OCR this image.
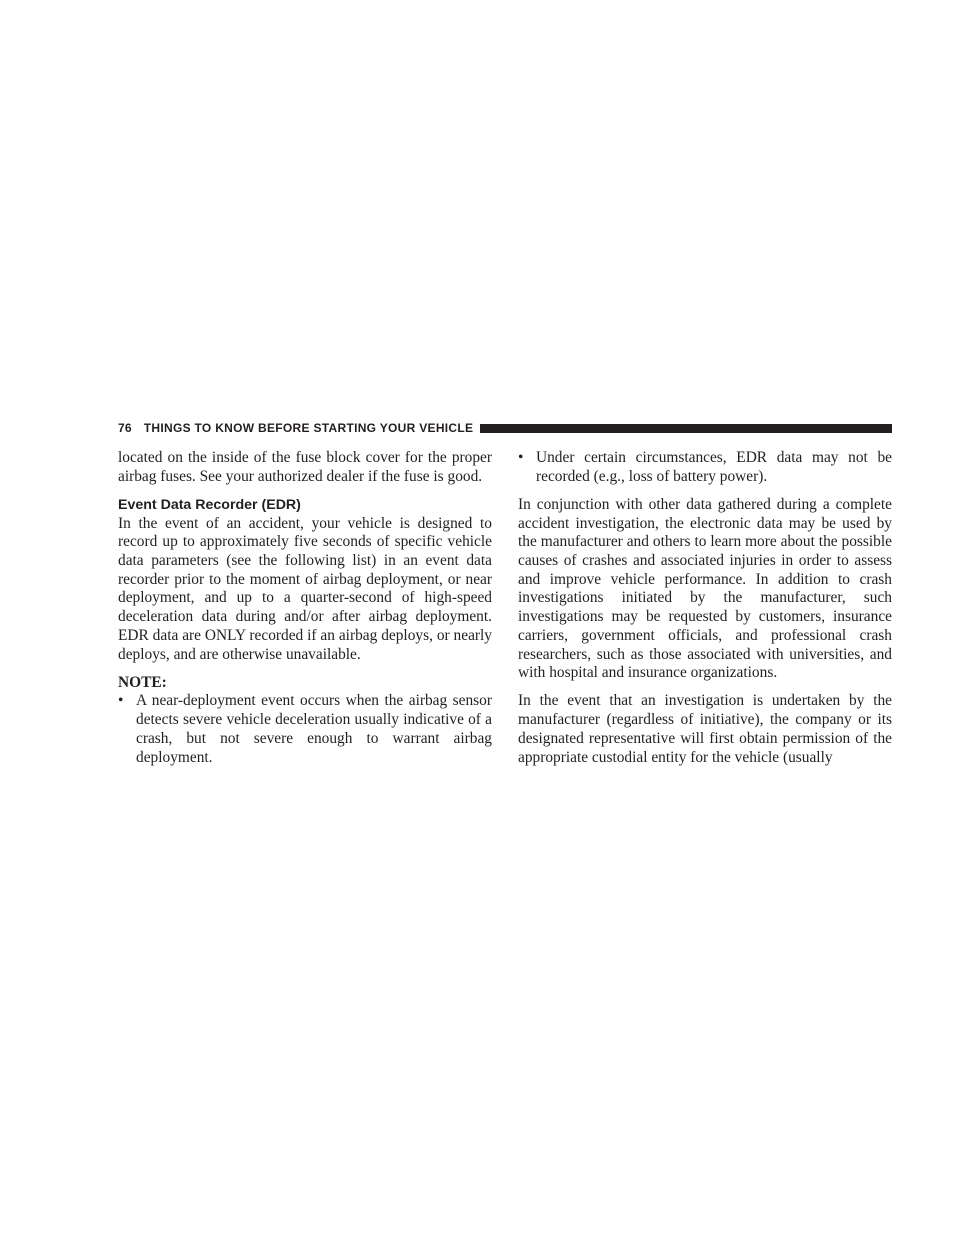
76 THINGS TO KNOW BEFORE STARTING YOUR VEHICLE

located on the inside of the fuse block cover for the proper airbag fuses. See your authorized dealer if the fuse is good.

Event Data Recorder (EDR)

In the event of an accident, your vehicle is designed to record up to approximately five seconds of specific vehicle data parameters (see the following list) in an event data recorder prior to the moment of airbag deployment, or near deployment, and up to a quarter-second of high-speed deceleration data during and/or after airbag deployment. EDR data are ONLY recorded if an airbag deploys, or nearly deploys, and are otherwise unavailable.

NOTE:
• A near-deployment event occurs when the airbag sensor detects severe vehicle deceleration usually indicative of a crash, but not severe enough to warrant airbag deployment.
• Under certain circumstances, EDR data may not be recorded (e.g., loss of battery power).

In conjunction with other data gathered during a complete accident investigation, the electronic data may be used by the manufacturer and others to learn more about the possible causes of crashes and associated injuries in order to assess and improve vehicle performance. In addition to crash investigations initiated by the manufacturer, such investigations may be requested by customers, insurance carriers, government officials, and professional crash researchers, such as those associated with universities, and with hospital and insurance organizations.

In the event that an investigation is undertaken by the manufacturer (regardless of initiative), the company or its designated representative will first obtain permission of the appropriate custodial entity for the vehicle (usually
